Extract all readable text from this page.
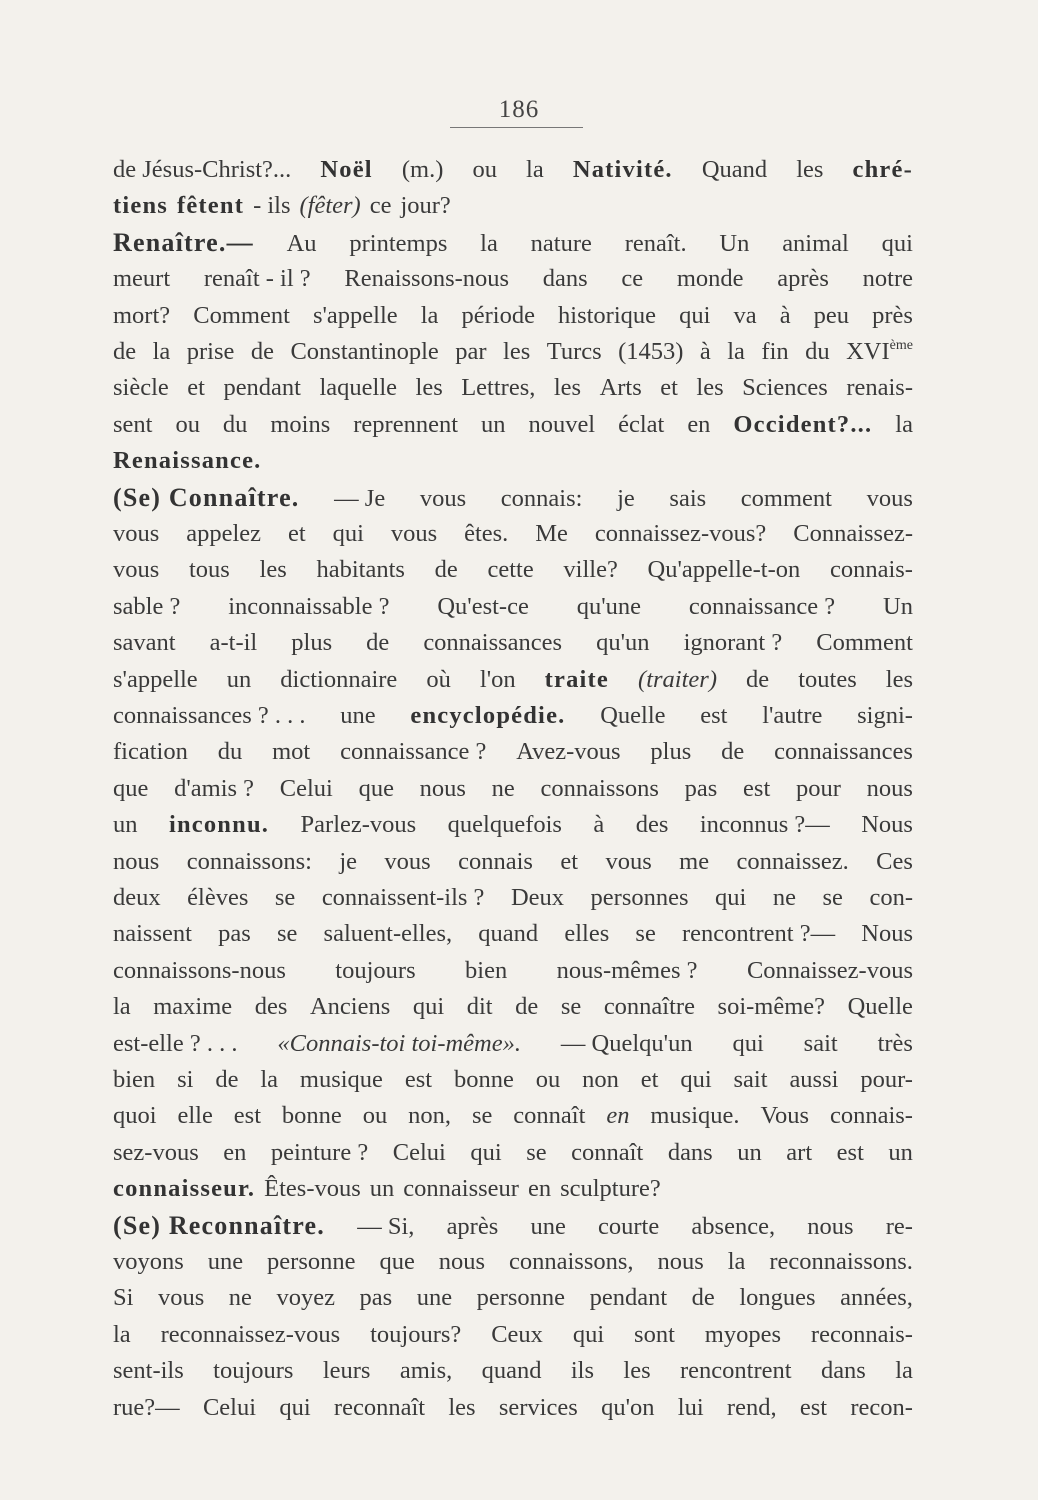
186
de Jésus-Christ?... Noël (m.) ou la Nativité. Quand les chré-
tiens fêtent - ils (fêter) ce jour?
Renaître.— Au printemps la nature renaît. Un animal qui
meurt renaît - il ? Renaissons-nous dans ce monde après notre
mort? Comment s'appelle la période historique qui va à peu près
de la prise de Constantinople par les Turcs (1453) à la fin du XVIème
siècle et pendant laquelle les Lettres, les Arts et les Sciences renais-
sent ou du moins reprennent un nouvel éclat en Occident?... la
Renaissance.
(Se) Connaître. — Je vous connais: je sais comment vous
vous appelez et qui vous êtes. Me connaissez-vous? Connaissez-
vous tous les habitants de cette ville? Qu'appelle-t-on connais-
sable ? inconnaissable ? Qu'est-ce qu'une connaissance ? Un
savant a-t-il plus de connaissances qu'un ignorant ? Comment
s'appelle un dictionnaire où l'on traite (traiter) de toutes les
connaissances ? . . . une encyclopédie. Quelle est l'autre signi-
fication du mot connaissance ? Avez-vous plus de connaissances
que d'amis ? Celui que nous ne connaissons pas est pour nous
un inconnu. Parlez-vous quelquefois à des inconnus ?— Nous
nous connaissons: je vous connais et vous me connaissez. Ces
deux élèves se connaissent-ils ? Deux personnes qui ne se con-
naissent pas se saluent-elles, quand elles se rencontrent ?— Nous
connaissons-nous toujours bien nous-mêmes ? Connaissez-vous
la maxime des Anciens qui dit de se connaître soi-même? Quelle
est-elle ? . . . «Connais-toi toi-même». — Quelqu'un qui sait très
bien si de la musique est bonne ou non et qui sait aussi pour-
quoi elle est bonne ou non, se connaît en musique. Vous connais-
sez-vous en peinture ? Celui qui se connaît dans un art est un
connaisseur. Êtes-vous un connaisseur en sculpture?
(Se) Reconnaître. — Si, après une courte absence, nous re-
voyons une personne que nous connaissons, nous la reconnaissons.
Si vous ne voyez pas une personne pendant de longues années,
la reconnaissez-vous toujours? Ceux qui sont myopes reconnais-
sent-ils toujours leurs amis, quand ils les rencontrent dans la
rue?— Celui qui reconnaît les services qu'on lui rend, est recon-
